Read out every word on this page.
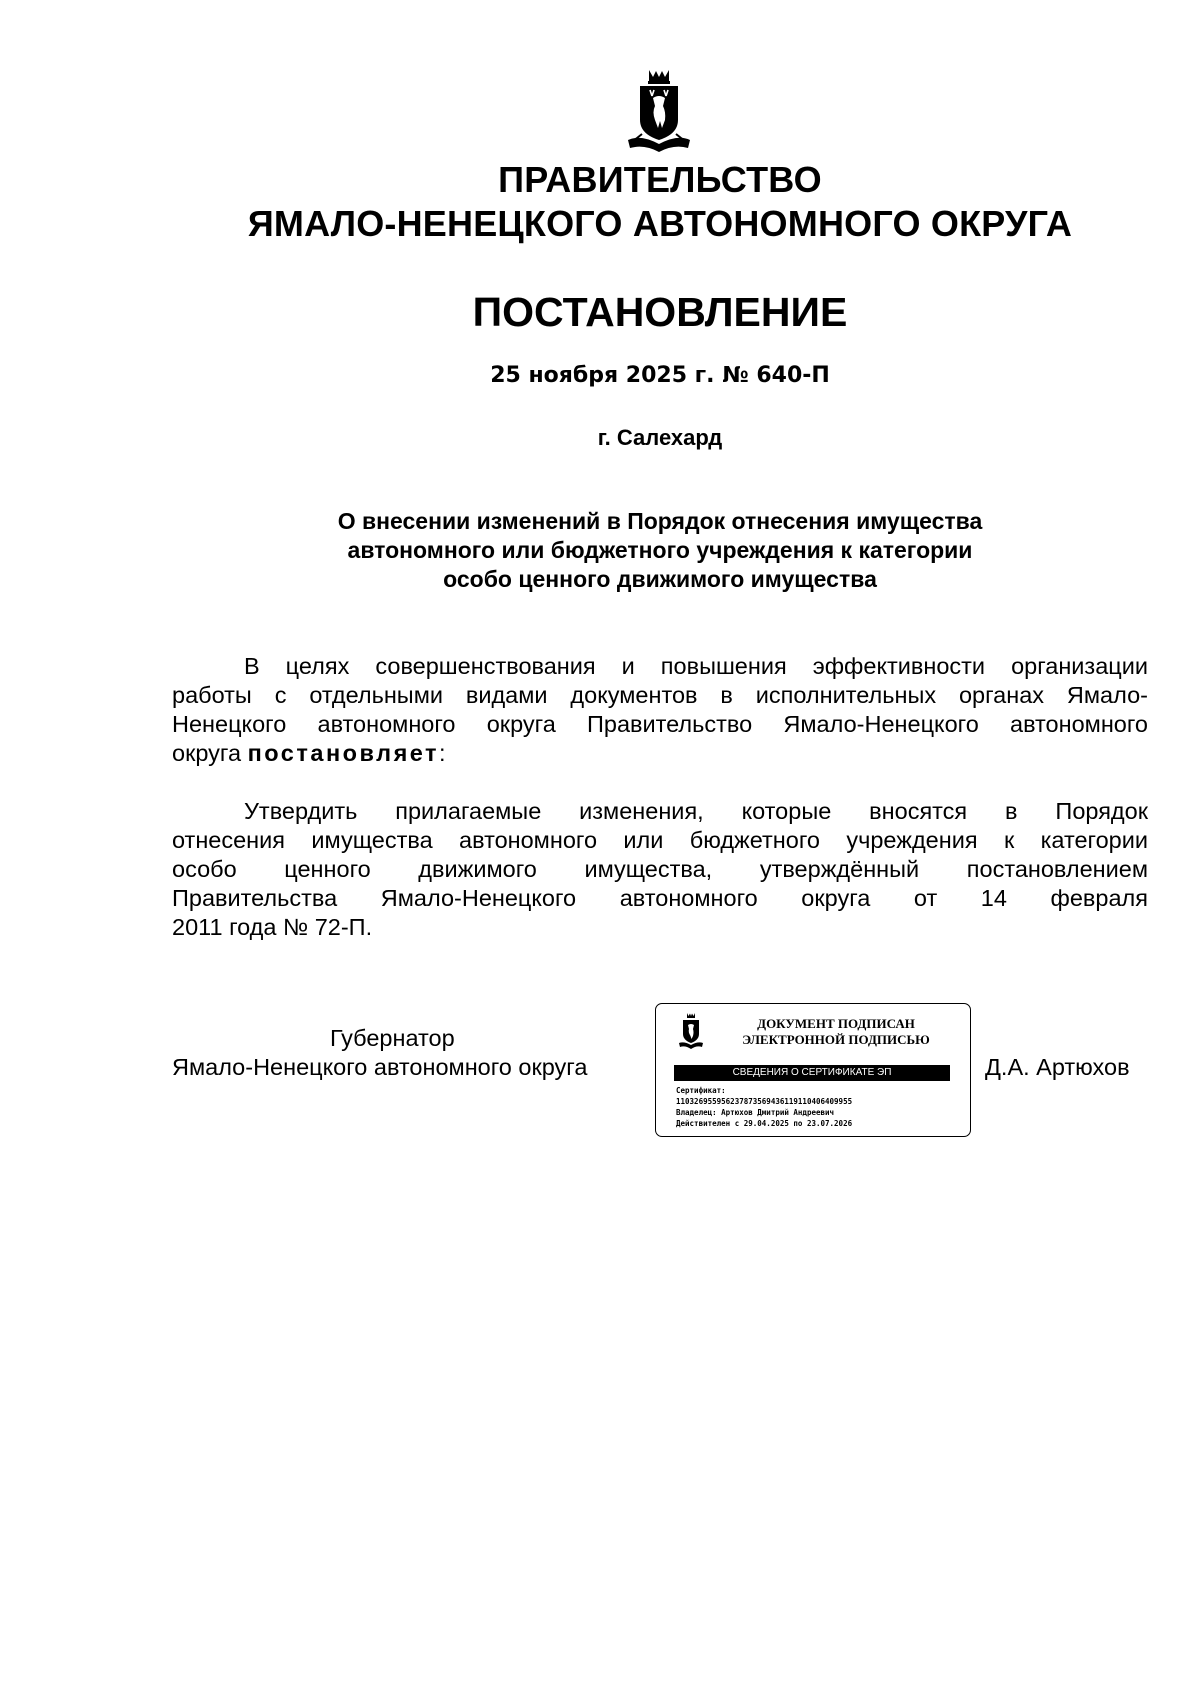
ПРАВИТЕЛЬСТВО
ЯМАЛО-НЕНЕЦКОГО АВТОНОМНОГО ОКРУГА
ПОСТАНОВЛЕНИЕ
25 ноября 2025 г. № 640-П
г. Салехард
О внесении изменений в Порядок отнесения имущества
автономного или бюджетного учреждения к категории
особо ценного движимого имущества
В целях совершенствования и повышения эффективности организации
работы с отдельными видами документов в исполнительных органах Ямало-
Ненецкого автономного округа Правительство Ямало-Ненецкого автономного
округа постановляет:
Утвердить прилагаемые изменения, которые вносятся в Порядок
отнесения имущества автономного или бюджетного учреждения к категории
особо ценного движимого имущества, утверждённый постановлением
Правительства Ямало-Ненецкого автономного округа от 14 февраля
2011 года № 72-П.
Губернатор
Ямало-Ненецкого автономного округа	Д.А. Артюхов
ДОКУМЕНТ ПОДПИСАН
ЭЛЕКТРОННОЙ ПОДПИСЬЮ
СВЕДЕНИЯ О СЕРТИФИКАТЕ ЭП
Сертификат:
110326955956237873569436119110406409955
Владелец: Артюхов Дмитрий Андреевич
Действителен с 29.04.2025 по 23.07.2026
